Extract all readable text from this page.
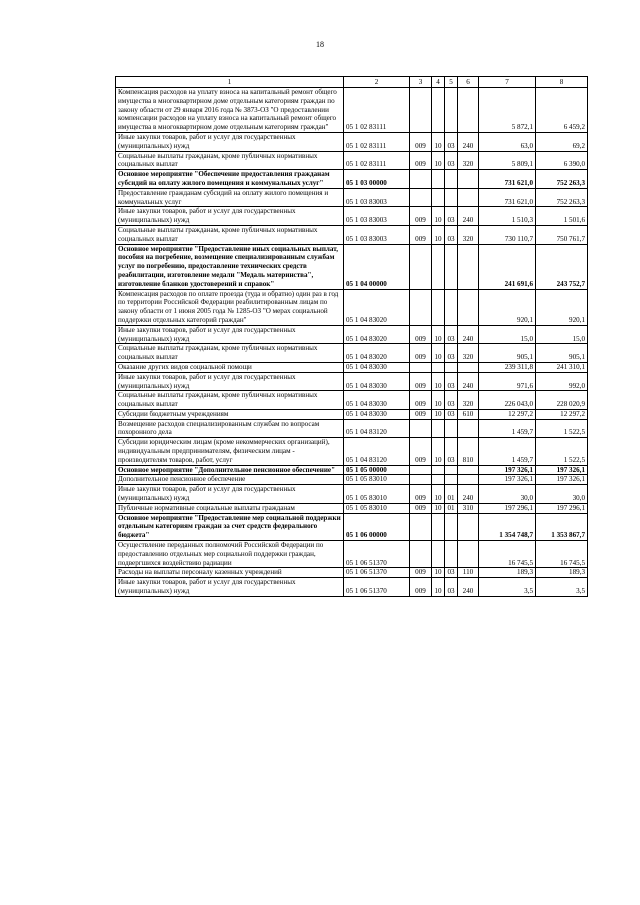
18
1	2	3	4	5	6	7	8
Компенсация расходов на уплату взноса на капитальный ремонт общего имущества в многоквартирном доме отдельным категориям граждан по закону области от 29 января 2016 года № 3873-ОЗ "О предоставлении компенсации расходов на уплату взноса на капитальный ремонт общего имущества в многоквартирном доме отдельным категориям граждан"	05 1 02 83111					5 872,1	6 459,2
Иные закупки товаров, работ и услуг для государственных (муниципальных) нужд	05 1 02 83111	009	10	03	240	63,0	69,2
Социальные выплаты гражданам, кроме публичных нормативных социальных выплат	05 1 02 83111	009	10	03	320	5 809,1	6 390,0
Основное мероприятие "Обеспечение предоставления гражданам субсидий на оплату жилого помещения и коммунальных услуг"	05 1 03 00000					731 621,0	752 263,3
Предоставление гражданам субсидий на оплату жилого помещения и коммунальных услуг	05 1 03 83003					731 621,0	752 263,3
Иные закупки товаров, работ и услуг для государственных (муниципальных) нужд	05 1 03 83003	009	10	03	240	1 510,3	1 501,6
Социальные выплаты гражданам, кроме публичных нормативных социальных выплат	05 1 03 83003	009	10	03	320	730 110,7	750 761,7
Основное мероприятие "Предоставление иных социальных выплат, пособия на погребение, возмещение специализированным службам услуг по погребению, предоставление технических средств реабилитации, изготовление медали "Медаль материнства", изготовление бланков удостоверений и справок"	05 1 04 00000					241 691,6	243 752,7
Компенсация расходов по оплате проезда (туда и обратно) один раз в год по территории Российской Федерации реабилитированным лицам по закону области от 1 июня 2005 года № 1285-ОЗ "О мерах социальной поддержки отдельных категорий граждан"	05 1 04 83020					920,1	920,1
Иные закупки товаров, работ и услуг для государственных (муниципальных) нужд	05 1 04 83020	009	10	03	240	15,0	15,0
Социальные выплаты гражданам, кроме публичных нормативных социальных выплат	05 1 04 83020	009	10	03	320	905,1	905,1
Оказание других видов социальной помощи	05 1 04 83030					239 311,8	241 310,1
Иные закупки товаров, работ и услуг для государственных (муниципальных) нужд	05 1 04 83030	009	10	03	240	971,6	992,0
Социальные выплаты гражданам, кроме публичных нормативных социальных выплат	05 1 04 83030	009	10	03	320	226 043,0	228 020,9
Субсидии бюджетным учреждениям	05 1 04 83030	009	10	03	610	12 297,2	12 297,2
Возмещение расходов специализированным службам по вопросам похоронного дела	05 1 04 83120					1 459,7	1 522,5
Субсидии юридическим лицам (кроме некоммерческих организаций), индивидуальным предпринимателям, физическим лицам - производителям товаров, работ, услуг	05 1 04 83120	009	10	03	810	1 459,7	1 522,5
Основное мероприятие "Дополнительное пенсионное обеспечение"	05 1 05 00000					197 326,1	197 326,1
Дополнительное пенсионное обеспечение	05 1 05 83010					197 326,1	197 326,1
Иные закупки товаров, работ и услуг для государственных (муниципальных) нужд	05 1 05 83010	009	10	01	240	30,0	30,0
Публичные нормативные социальные выплаты гражданам	05 1 05 83010	009	10	01	310	197 296,1	197 296,1
Основное мероприятие "Предоставление мер социальной поддержки отдельным категориям граждан за счет средств федерального бюджета"	05 1 06 00000					1 354 748,7	1 353 867,7
Осуществление переданных полномочий Российской Федерации по предоставлению отдельных мер социальной поддержки граждан, подвергшихся воздействию радиации	05 1 06 51370					16 745,5	16 745,5
Расходы на выплаты персоналу казенных учреждений	05 1 06 51370	009	10	03	110	189,3	189,3
Иные закупки товаров, работ и услуг для государственных (муниципальных) нужд	05 1 06 51370	009	10	03	240	3,5	3,5
